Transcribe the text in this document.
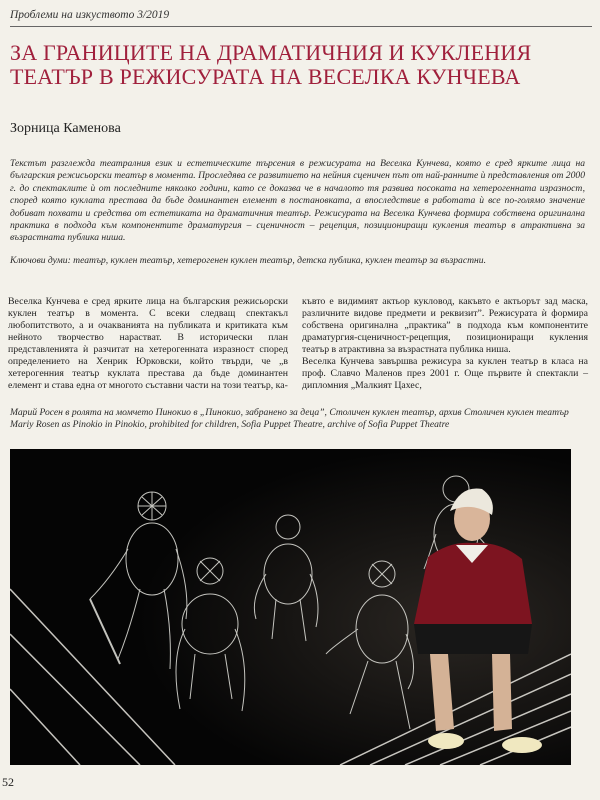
Проблеми на изкуството 3/2019
ЗА ГРАНИЦИТЕ НА ДРАМАТИЧНИЯ И КУКЛЕНИЯ ТЕАТЪР В РЕЖИСУРАТА НА ВЕСЕЛКА КУНЧЕВА
Зорница Каменова
Текстът разглежда театралния език и естетическите търсения в режисурата на Веселка Кунчева, която е сред ярките лица на българския режисьорски театър в момента. Проследява се развитието на нейния сценичен път от най-ранните ѝ представления от 2000 г. до спектаклите ѝ от последните няколко години, като се доказва че в началото тя развива посоката на хетерогенната изразност, според която куклата престава да бъде доминантен елемент в постановката, а впоследствие в работата ѝ все по-голямо значение добиват похвати и средства от естетиката на драматичния театър. Режисурата на Веселка Кунчева формира собствена оригинална практика в подхода към компонентите драматургия – сценичност – рецепция, позициониращи кукления театър в атрактивна за възрастната публика ниша.
Ключови думи: театър, куклен театър, хетерогенен куклен театър, детска публика, куклен театър за възрастни.

Веселка Кунчева е сред ярките лица на българския режисьорски куклен театър в момента. С всеки следващ спектакъл любопитството, а и очакванията на публиката и критиката към нейното творчество нарастват. В исторически план представленията ѝ разчитат на хетерогенната изразност според определението на Хенрик Юрковски, който твърди, че „в хетерогенния театър куклата престава да бъде доминантен елемент и става една от многото съставни части на този театър, ка-

къвто е видимият актьор кукловод, какъвто е актьорът зад маска, различните видове предмети и реквизит”. Режисурата ѝ формира собствена оригинална „практика” в подхода към компонентите драматургия-сценичност-рецепция, позициониращи кукления театър в атрактивна за възрастната публика ниша.

Веселка Кунчева завършва режисура за куклен театър в класа на проф. Славчо Маленов през 2001 г. Още първите ѝ спектакли – дипломния „Малкият Цахес,

Марий Росен в ролята на момчето Пинокио в „Пинокио, забранено за деца”, Столичен куклен театър, архив Столичен куклен театър
Mariy Rosen as Pinokio in Pinokio, prohibited for children, Sofia Puppet Theatre, archive of Sofia Puppet Theatre
52
